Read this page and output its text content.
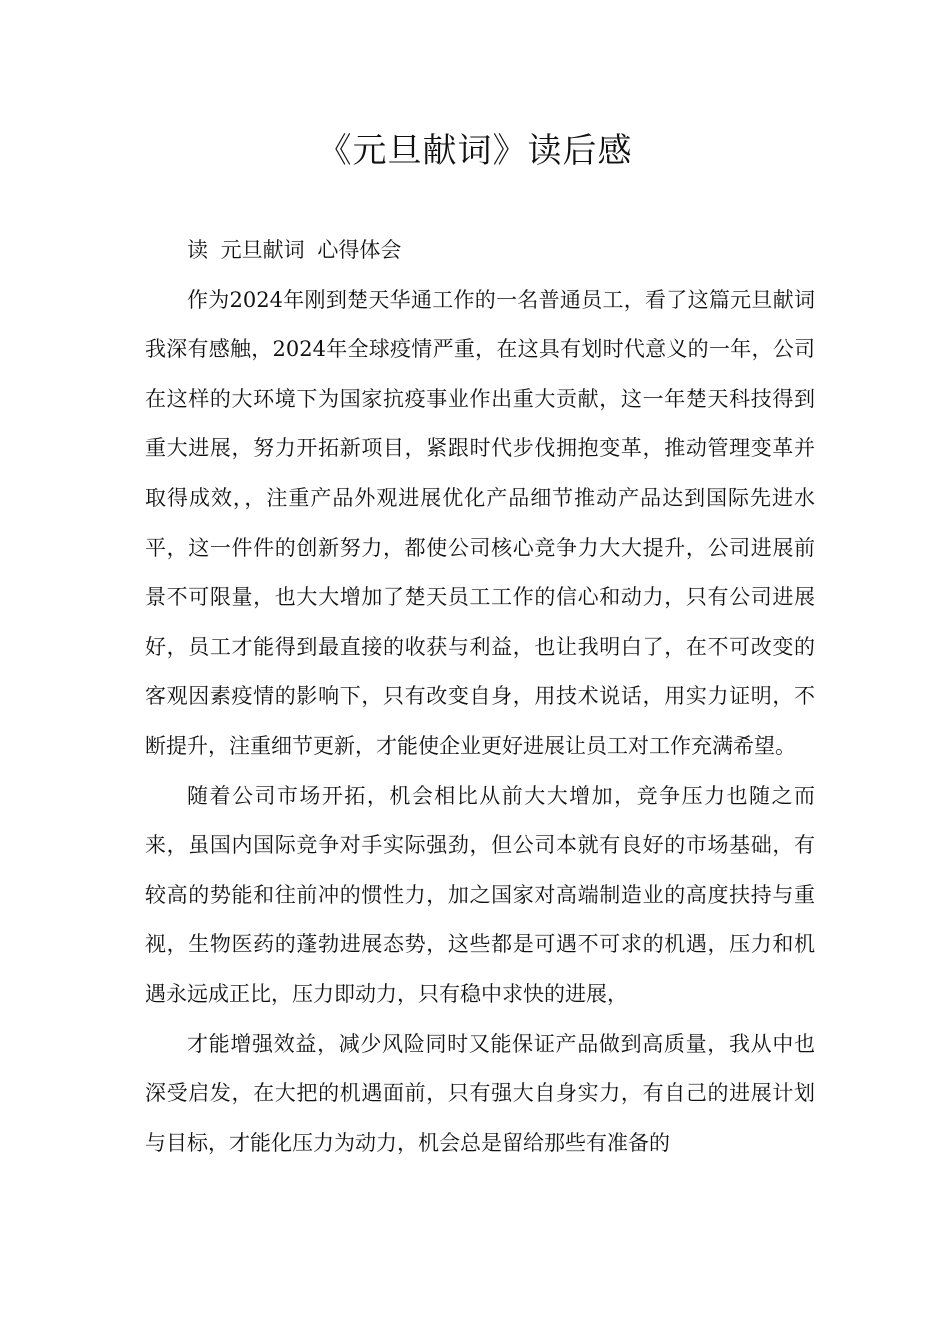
《元旦献词》读后感

读 元旦献词 心得体会

作为2024年刚到楚天华通工作的一名普通员工，看了这篇元旦献词我深有感触，2024年全球疫情严重，在这具有划时代意义的一年，公司在这样的大环境下为国家抗疫事业作出重大贡献，这一年楚天科技得到重大进展，努力开拓新项目，紧跟时代步伐拥抱变革，推动管理变革并取得成效，，注重产品外观进展优化产品细节推动产品达到国际先进水平，这一件件的创新努力，都使公司核心竞争力大大提升，公司进展前景不可限量，也大大增加了楚天员工工作的信心和动力，只有公司进展好，员工才能得到最直接的收获与利益，也让我明白了，在不可改变的客观因素疫情的影响下，只有改变自身，用技术说话，用实力证明，不断提升，注重细节更新，才能使企业更好进展让员工对工作充满希望。

随着公司市场开拓，机会相比从前大大增加，竞争压力也随之而来，虽国内国际竞争对手实际强劲，但公司本就有良好的市场基础，有较高的势能和往前冲的惯性力，加之国家对高端制造业的高度扶持与重视，生物医药的蓬勃进展态势，这些都是可遇不可求的机遇，压力和机遇永远成正比，压力即动力，只有稳中求快的进展，

才能增强效益，减少风险同时又能保证产品做到高质量，我从中也深受启发，在大把的机遇面前，只有强大自身实力，有自己的进展计划与目标，才能化压力为动力，机会总是留给那些有准备的
